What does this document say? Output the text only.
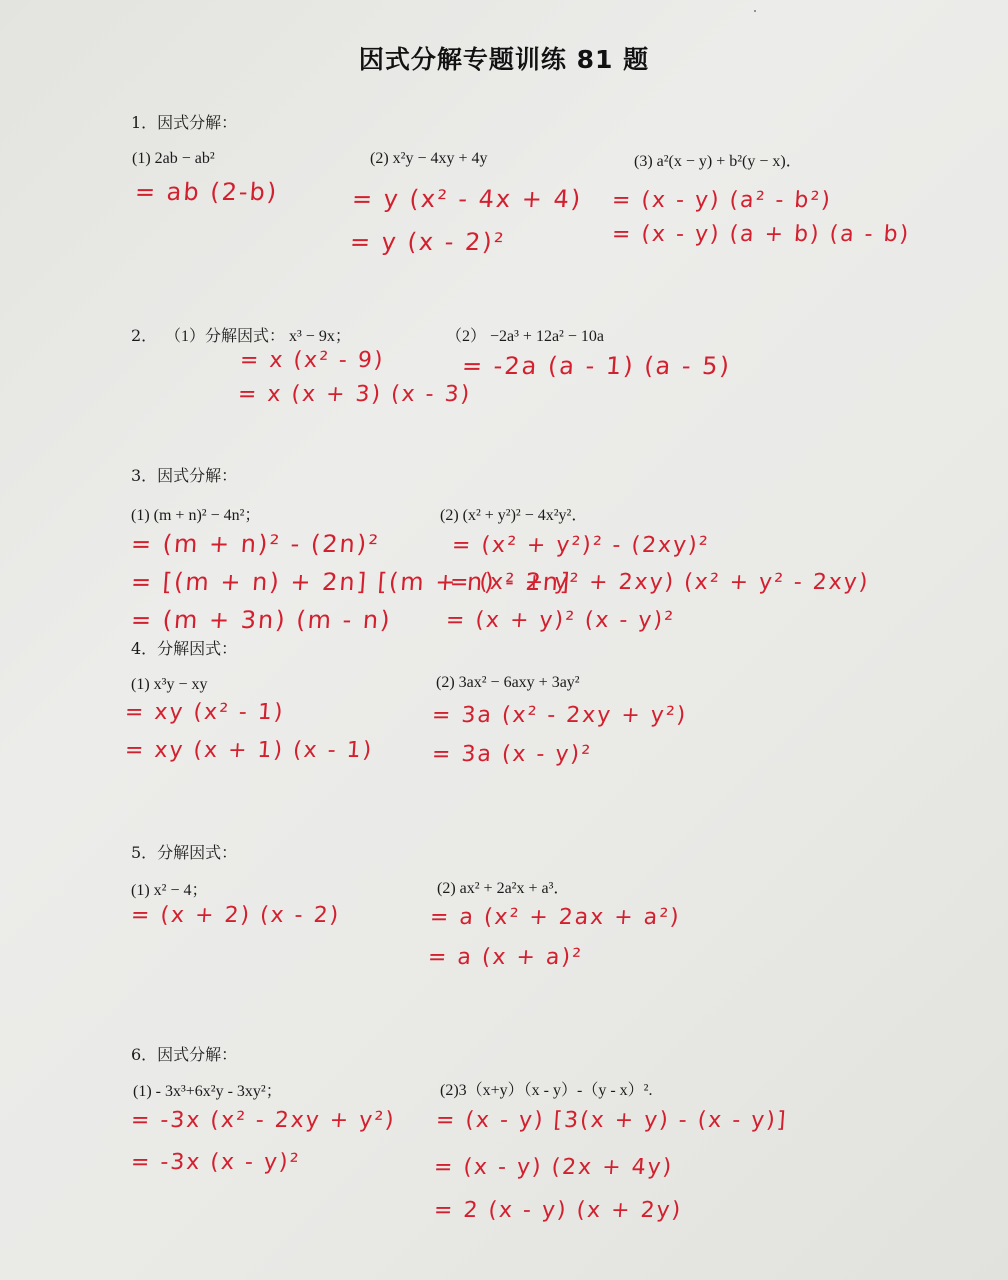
因式分解专题训练 81 题
1．因式分解：
(1) 2ab − ab²
= ab (2-b)
(2) x²y − 4xy + 4y
= y (x² - 4x + 4)
= y (x - 2)²
(3) a²(x − y) + b²(y − x)．
= (x - y) (a² - b²)
= (x - y) (a + b) (a - b)
2． （1）分解因式： x³ − 9x；
= x (x² - 9)
= x (x + 3) (x - 3)
（2） −2a³ + 12a² − 10a
= -2a (a - 1) (a - 5)
3．因式分解：
(1) (m + n)² − 4n²；
= (m + n)² - (2n)²
= [(m + n) + 2n] [(m + n) - 2n]
= (m + 3n) (m - n)
(2) (x² + y²)² − 4x²y²．
= (x² + y²)² - (2xy)²
= (x² + y² + 2xy) (x² + y² - 2xy)
= (x + y)² (x - y)²
4．分解因式：
(1) x³y − xy
= xy (x² - 1)
= xy (x + 1) (x - 1)
(2) 3ax² − 6axy + 3ay²
= 3a (x² - 2xy + y²)
= 3a (x - y)²
5．分解因式：
(1) x² − 4；
= (x + 2) (x - 2)
(2) ax² + 2a²x + a³．
= a (x² + 2ax + a²)
= a (x + a)²
6．因式分解：
(1) - 3x³+6x²y - 3xy²；
= -3x (x² - 2xy + y²)
= -3x (x - y)²
(2)3（x+y）（x - y）-（y - x）².
= (x - y) [3(x + y) - (x - y)]
= (x - y) (2x + 4y)
= 2 (x - y) (x + 2y)
